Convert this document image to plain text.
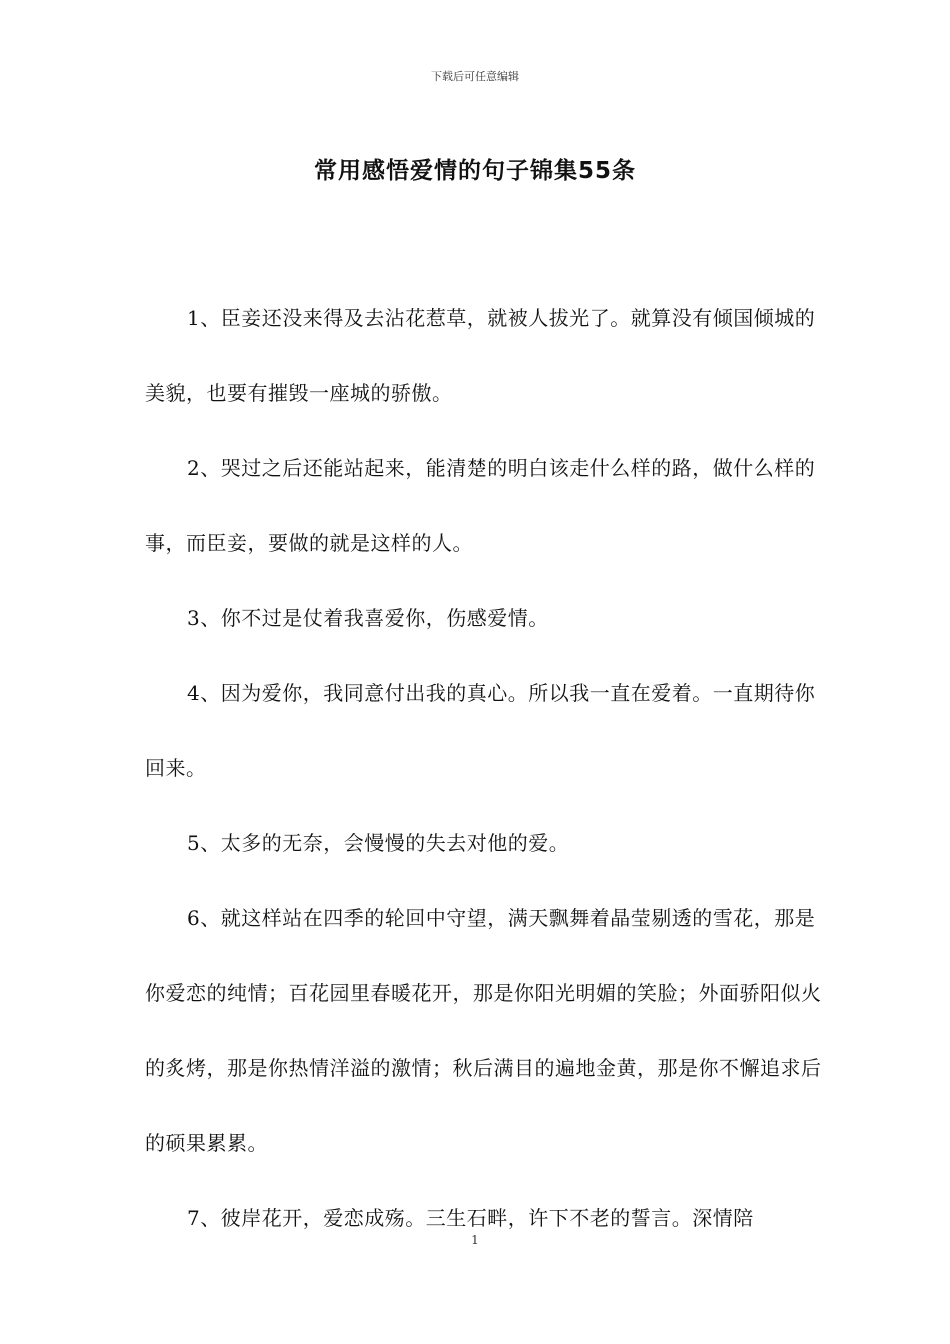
下载后可任意编辑
常用感悟爱情的句子锦集55条

1、臣妾还没来得及去沾花惹草，就被人拔光了。就算没有倾国倾城的美貌，也要有摧毁一座城的骄傲。

2、哭过之后还能站起来，能清楚的明白该走什么样的路，做什么样的事，而臣妾，要做的就是这样的人。

3、你不过是仗着我喜爱你，伤感爱情。

4、因为爱你，我同意付出我的真心。所以我一直在爱着。一直期待你回来。

5、太多的无奈，会慢慢的失去对他的爱。

6、就这样站在四季的轮回中守望，满天飘舞着晶莹剔透的雪花，那是你爱恋的纯情；百花园里春暖花开，那是你阳光明媚的笑脸；外面骄阳似火的炙烤，那是你热情洋溢的激情；秋后满目的遍地金黄，那是你不懈追求后的硕果累累。

7、彼岸花开，爱恋成殇。三生石畔，许下不老的誓言。深情陪

1
